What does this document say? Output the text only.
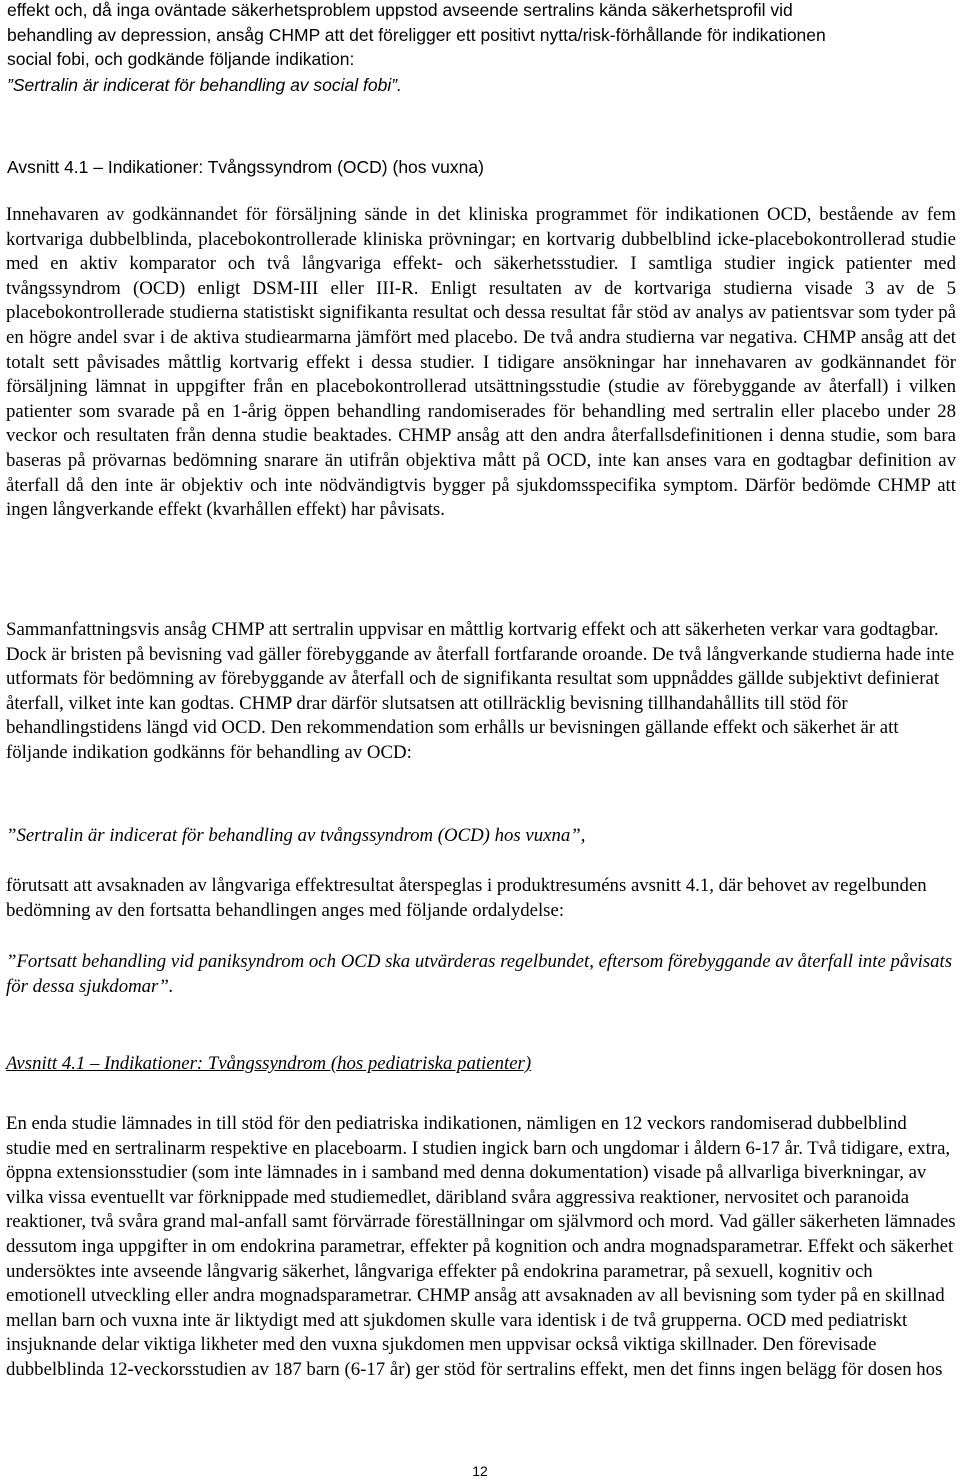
effekt och, då inga oväntade säkerhetsproblem uppstod avseende sertralins kända säkerhetsprofil vid
behandling av depression, ansåg CHMP att det föreligger ett positivt nytta/risk-förhållande för indikationen
social fobi, och godkände följande indikation:
”Sertralin är indicerat för behandling av social fobi”.
Avsnitt 4.1 – Indikationer: Tvångssyndrom (OCD) (hos vuxna)

Innehavaren av godkännandet för försäljning sände in det kliniska programmet för indikationen OCD, bestående av fem kortvariga dubbelblinda, placebokontrollerade kliniska prövningar; en kortvarig dubbelblind icke-placebokontrollerad studie med en aktiv komparator och två långvariga effekt- och säkerhetsstudier. I samtliga studier ingick patienter med tvångssyndrom (OCD) enligt DSM-III eller III-R. Enligt resultaten av de kortvariga studierna visade 3 av de 5 placebokontrollerade studierna statistiskt signifikanta resultat och dessa resultat får stöd av analys av patientsvar som tyder på en högre andel svar i de aktiva studiearmarna jämfört med placebo. De två andra studierna var negativa. CHMP ansåg att det totalt sett påvisades måttlig kortvarig effekt i dessa studier. I tidigare ansökningar har innehavaren av godkännandet för försäljning lämnat in uppgifter från en placebokontrollerad utsättningsstudie (studie av förebyggande av återfall) i vilken patienter som svarade på en 1-årig öppen behandling randomiserades för behandling med sertralin eller placebo under 28 veckor och resultaten från denna studie beaktades. CHMP ansåg att den andra återfallsdefinitionen i denna studie, som bara baseras på prövarnas bedömning snarare än utifrån objektiva mått på OCD, inte kan anses vara en godtagbar definition av återfall då den inte är objektiv och inte nödvändigtvis bygger på sjukdomsspecifika symptom. Därför bedömde CHMP att ingen långverkande effekt (kvarhållen effekt) har påvisats.

Sammanfattningsvis ansåg CHMP att sertralin uppvisar en måttlig kortvarig effekt och att säkerheten verkar vara godtagbar. Dock är bristen på bevisning vad gäller förebyggande av återfall fortfarande oroande. De två långverkande studierna hade inte utformats för bedömning av förebyggande av återfall och de signifikanta resultat som uppnåddes gällde subjektivt definierat återfall, vilket inte kan godtas. CHMP drar därför slutsatsen att otillräcklig bevisning tillhandahållits till stöd för behandlingstidens längd vid OCD. Den rekommendation som erhålls ur bevisningen gällande effekt och säkerhet är att följande indikation godkänns för behandling av OCD:

”Sertralin är indicerat för behandling av tvångssyndrom (OCD) hos vuxna”,

förutsatt att avsaknaden av långvariga effektresultat återspeglas i produktresuméns avsnitt 4.1, där behovet av regelbunden bedömning av den fortsatta behandlingen anges med följande ordalydelse:

”Fortsatt behandling vid paniksyndrom och OCD ska utvärderas regelbundet, eftersom förebyggande av återfall inte påvisats för dessa sjukdomar”.

Avsnitt 4.1 – Indikationer: Tvångssyndrom (hos pediatriska patienter)

En enda studie lämnades in till stöd för den pediatriska indikationen, nämligen en 12 veckors randomiserad dubbelblind studie med en sertralinarm respektive en placeboarm. I studien ingick barn och ungdomar i åldern 6-17 år. Två tidigare, extra, öppna extensionsstudier (som inte lämnades in i samband med denna dokumentation) visade på allvarliga biverkningar, av vilka vissa eventuellt var förknippade med studiemedlet, däribland svåra aggressiva reaktioner, nervositet och paranoida reaktioner, två svåra grand mal-anfall samt förvärrade föreställningar om självmord och mord. Vad gäller säkerheten lämnades dessutom inga uppgifter in om endokrina parametrar, effekter på kognition och andra mognadsparametrar. Effekt och säkerhet undersöktes inte avseende långvarig säkerhet, långvariga effekter på endokrina parametrar, på sexuell, kognitiv och emotionell utveckling eller andra mognadsparametrar. CHMP ansåg att avsaknaden av all bevisning som tyder på en skillnad mellan barn och vuxna inte är liktydigt med att sjukdomen skulle vara identisk i de två grupperna. OCD med pediatriskt insjuknande delar viktiga likheter med den vuxna sjukdomen men uppvisar också viktiga skillnader. Den förevisade dubbelblinda 12-veckorsstudien av 187 barn (6-17 år) ger stöd för sertralins effekt, men det finns ingen belägg för dosen hos

12
